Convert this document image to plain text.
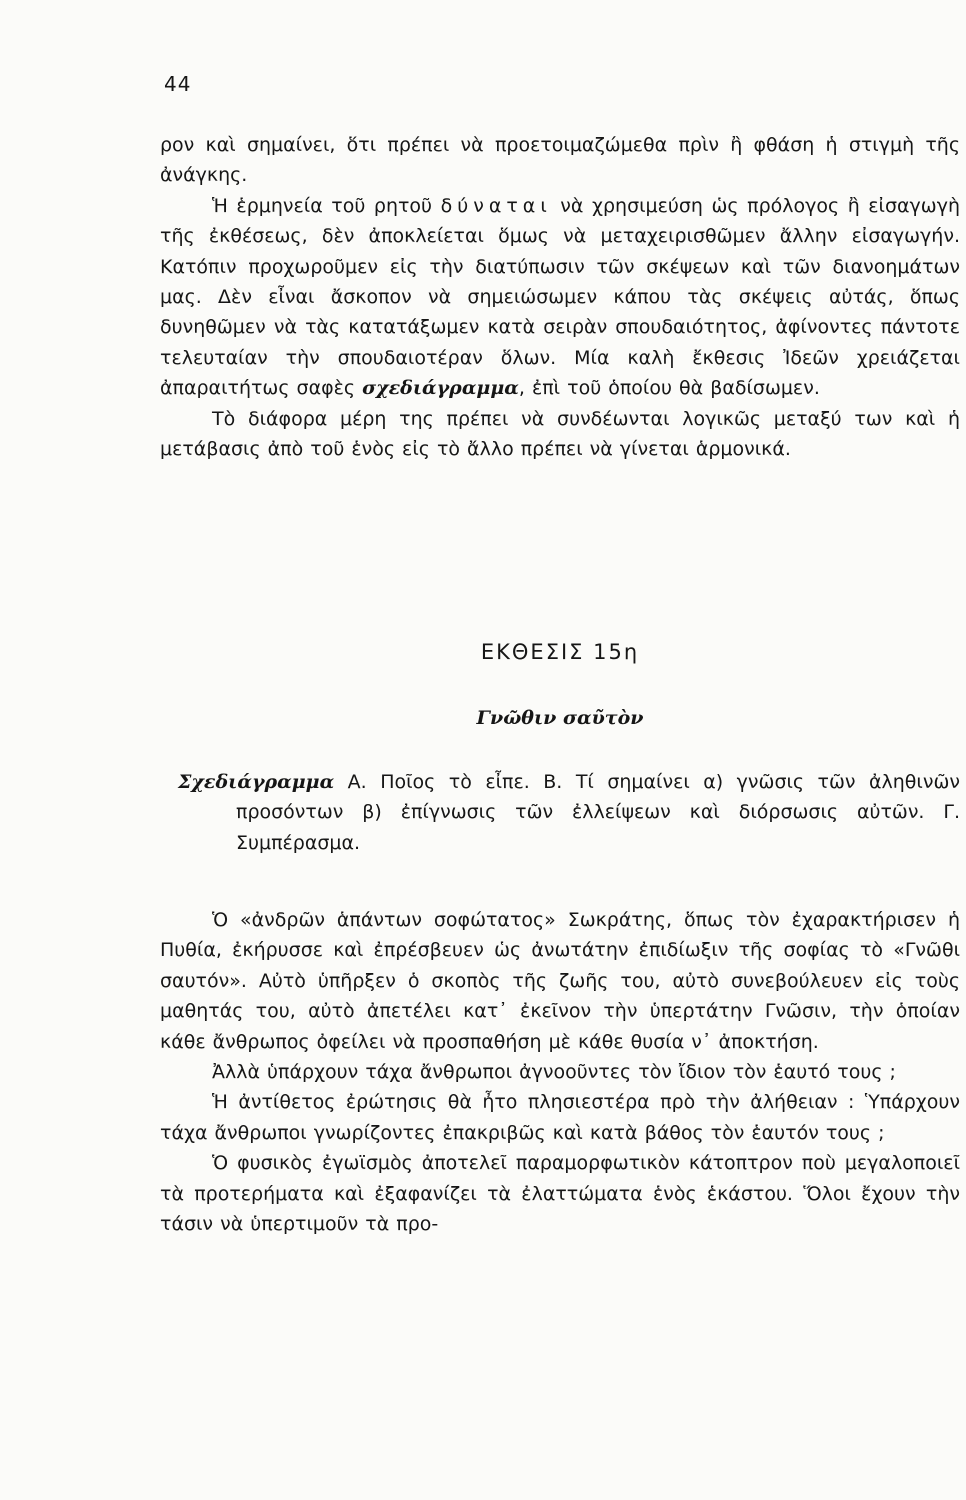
44

ρον καὶ σημαίνει, ὅτι πρέπει νὰ προετοιμαζώμεθα πρὶν ἢ φθάση ἡ στιγμὴ τῆς ἀνάγκης.

Ἡ ἑρμηνεία τοῦ ρητοῦ δύναται νὰ χρησιμεύση ὡς πρόλογος ἢ εἰσαγωγὴ τῆς ἐκθέσεως, δὲν ἀποκλείεται ὅμως νὰ μεταχειρισθῶμεν ἄλλην εἰσαγωγήν. Κατόπιν προχωροῦμεν εἰς τὴν διατύπωσιν τῶν σκέψεων καὶ τῶν διανοημάτων μας. Δὲν εἶναι ἄσκοπον νὰ σημειώσωμεν κάπου τὰς σκέψεις αὐτάς, ὅπως δυνηθῶμεν νὰ τὰς κατατάξωμεν κατὰ σειρὰν σπουδαιότητος, ἀφίνοντες πάντοτε τελευταίαν τὴν σπουδαιοτέραν ὅλων. Μία καλὴ ἔκθεσις Ἰδεῶν χρειάζεται ἀπαραιτήτως σαφὲς σχεδιάγραμμα, ἐπὶ τοῦ ὁποίου θὰ βαδίσωμεν.

Τὸ διάφορα μέρη της πρέπει νὰ συνδέωνται λογικῶς μεταξύ των καὶ ἡ μετάβασις ἀπὸ τοῦ ἑνὸς εἰς τὸ ἄλλο πρέπει νὰ γίνεται ἁρμονικά.

ΕΚΘΕΣΙΣ 15η
Γνῶθιν σαῦτὸν

Σχεδιάγραμμα Α. Ποῖος τὸ εἶπε. Β. Τί σημαίνει α) γνῶσις τῶν ἀληθινῶν προσόντων β) ἐπίγνωσις τῶν ἐλλείψεων καὶ διόρσωσις αὐτῶν. Γ. Συμπέρασμα.

Ὁ «ἀνδρῶν ἁπάντων σοφώτατος» Σωκράτης, ὅπως τὸν ἐχαρακτήρισεν ἡ Πυθία, ἐκήρυσσε καὶ ἐπρέσβευεν ὡς ἀνωτάτην ἐπιδίωξιν τῆς σοφίας τὸ «Γνῶθι σαυτόν». Αὐτὸ ὑπῆρξεν ὁ σκοπὸς τῆς ζωῆς του, αὐτὸ συνεβούλευεν εἰς τοὺς μαθητάς του, αὐτὸ ἀπετέλει κατ᾽ ἐκεῖνον τὴν ὑπερτάτην Γνῶσιν, τὴν ὁποίαν κάθε ἄνθρωπος ὀφείλει νὰ προσπαθήση μὲ κάθε θυσία ν᾽ ἀποκτήση.

Ἀλλὰ ὑπάρχουν τάχα ἄνθρωποι ἀγνοοῦντες τὸν ἴδιον τὸν ἑαυτό τους ;

Ἡ ἀντίθετος ἐρώτησις θὰ ἦτο πλησιεστέρα πρὸ τὴν ἀλήθειαν : Ὑπάρχουν τάχα ἄνθρωποι γνωρίζοντες ἐπακριβῶς καὶ κατὰ βάθος τὸν ἑαυτόν τους ;

Ὁ φυσικὸς ἐγωϊσμὸς ἀποτελεῖ παραμορφωτικὸν κάτοπτρον ποὺ μεγαλοποιεῖ τὰ προτερήματα καὶ ἐξαφανίζει τὰ ἐλαττώματα ἑνὸς ἑκάστου. Ὅλοι ἔχουν τὴν τάσιν νὰ ὑπερτιμοῦν τὰ προ-
